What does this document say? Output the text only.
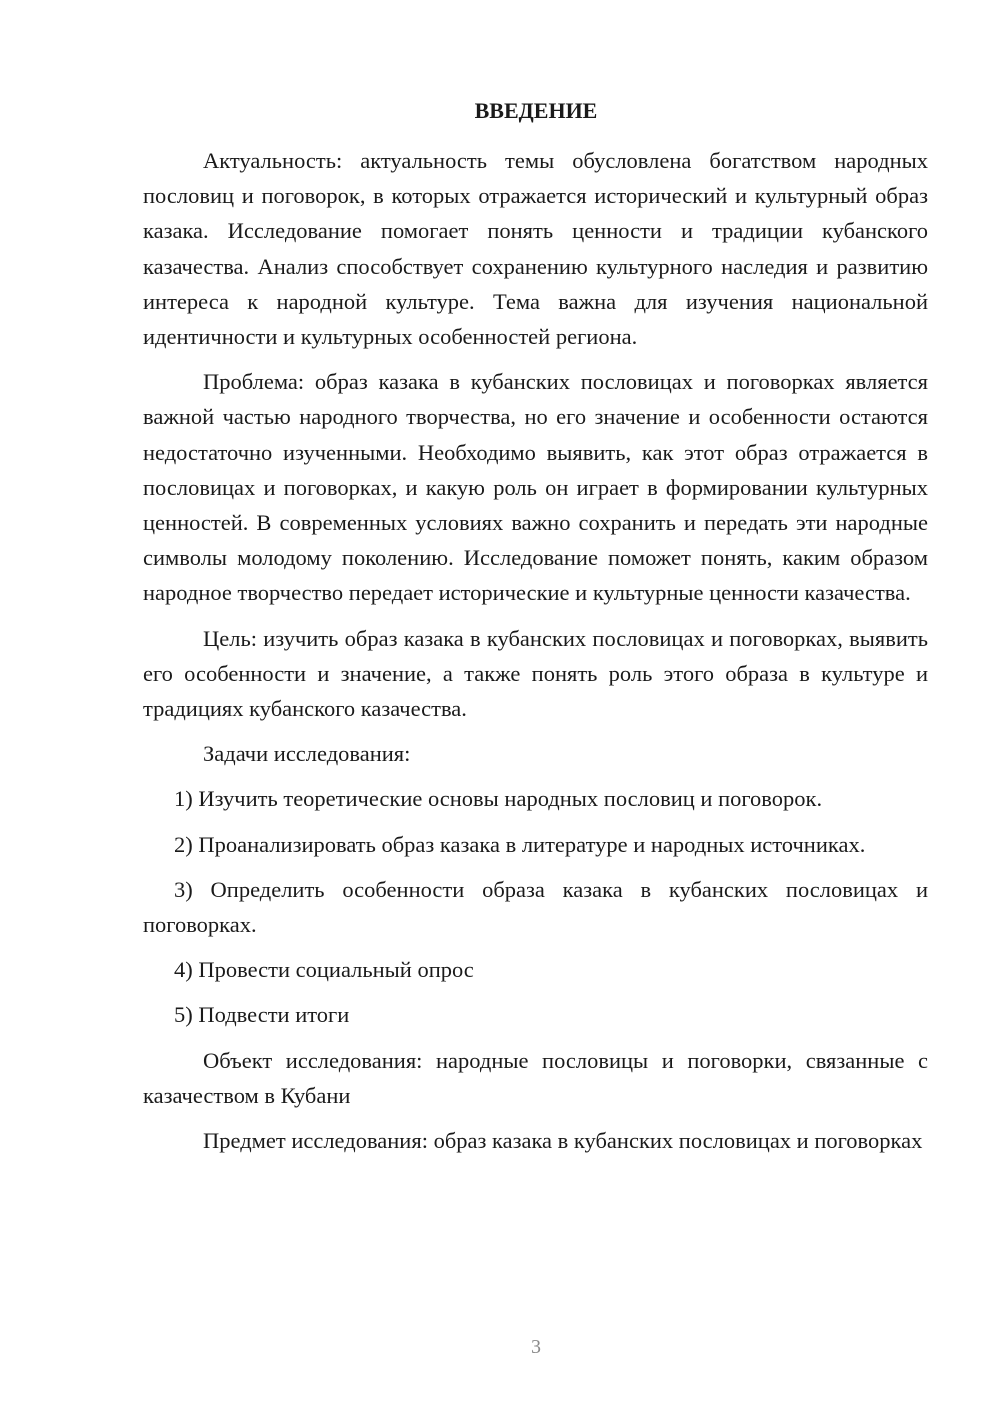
ВВЕДЕНИЕ

Актуальность: актуальность темы обусловлена богатством народных пословиц и поговорок, в которых отражается исторический и культурный образ казака. Исследование помогает понять ценности и традиции кубанского казачества. Анализ способствует сохранению культурного наследия и развитию интереса к народной культуре. Тема важна для изучения национальной идентичности и культурных особенностей региона.

Проблема: образ казака в кубанских пословицах и поговорках является важной частью народного творчества, но его значение и особенности остаются недостаточно изученными. Необходимо выявить, как этот образ отражается в пословицах и поговорках, и какую роль он играет в формировании культурных ценностей. В современных условиях важно сохранить и передать эти народные символы молодому поколению. Исследование поможет понять, каким образом народное творчество передает исторические и культурные ценности казачества.

Цель: изучить образ казака в кубанских пословицах и поговорках, выявить его особенности и значение, а также понять роль этого образа в культуре и традициях кубанского казачества.

Задачи исследования:

1) Изучить теоретические основы народных пословиц и поговорок.

2) Проанализировать образ казака в литературе и народных источниках.

3) Определить особенности образа казака в кубанских пословицах и поговорках.

4) Провести социальный опрос

5) Подвести итоги

Объект исследования: народные пословицы и поговорки, связанные с казачеством в Кубани

Предмет исследования: образ казака в кубанских пословицах и поговорках

3
